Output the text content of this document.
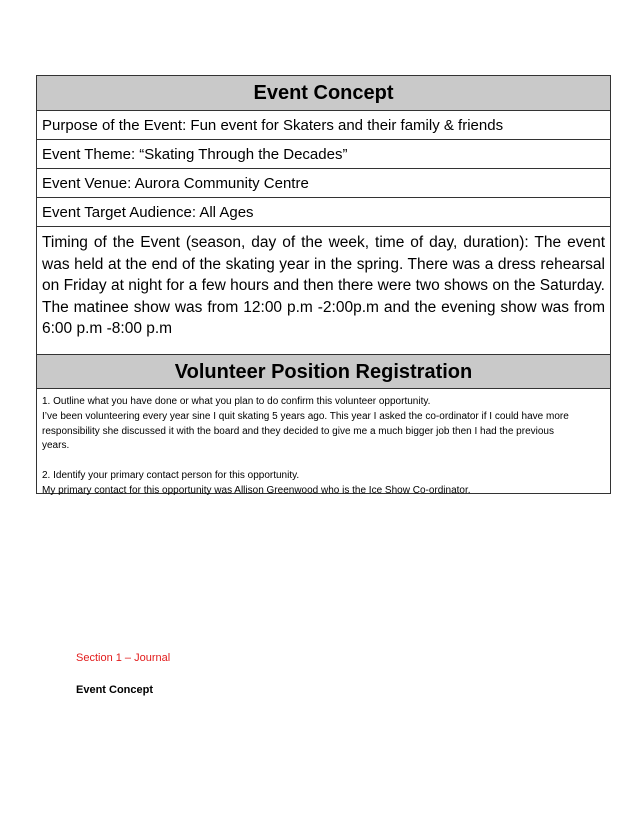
Event Concept
Purpose of the Event: Fun event for Skaters and their family & friends
Event Theme: “Skating Through the Decades”
Event Venue: Aurora Community Centre
Event Target Audience: All Ages
Timing of the Event (season, day of the week, time of day, duration): The event was held at the end of the skating year in the spring. There was a dress rehearsal on Friday at night for a few hours and then there were two shows on the Saturday. The matinee show was from 12:00 p.m -2:00p.m and the evening show was from 6:00 p.m -8:00 p.m
Volunteer Position Registration
1. Outline what you have done or what you plan to do confirm this volunteer opportunity.
I’ve been volunteering every year sine I quit skating 5 years ago. This year I asked the co-ordinator if I could have more
responsibility she discussed it with the board and they decided to give me a much bigger job then I had the previous
years.
2. Identify your primary contact person for this opportunity.
My primary contact for this opportunity was Allison Greenwood who is the Ice Show Co-ordinator.
Section 1 – Journal
Event Concept
